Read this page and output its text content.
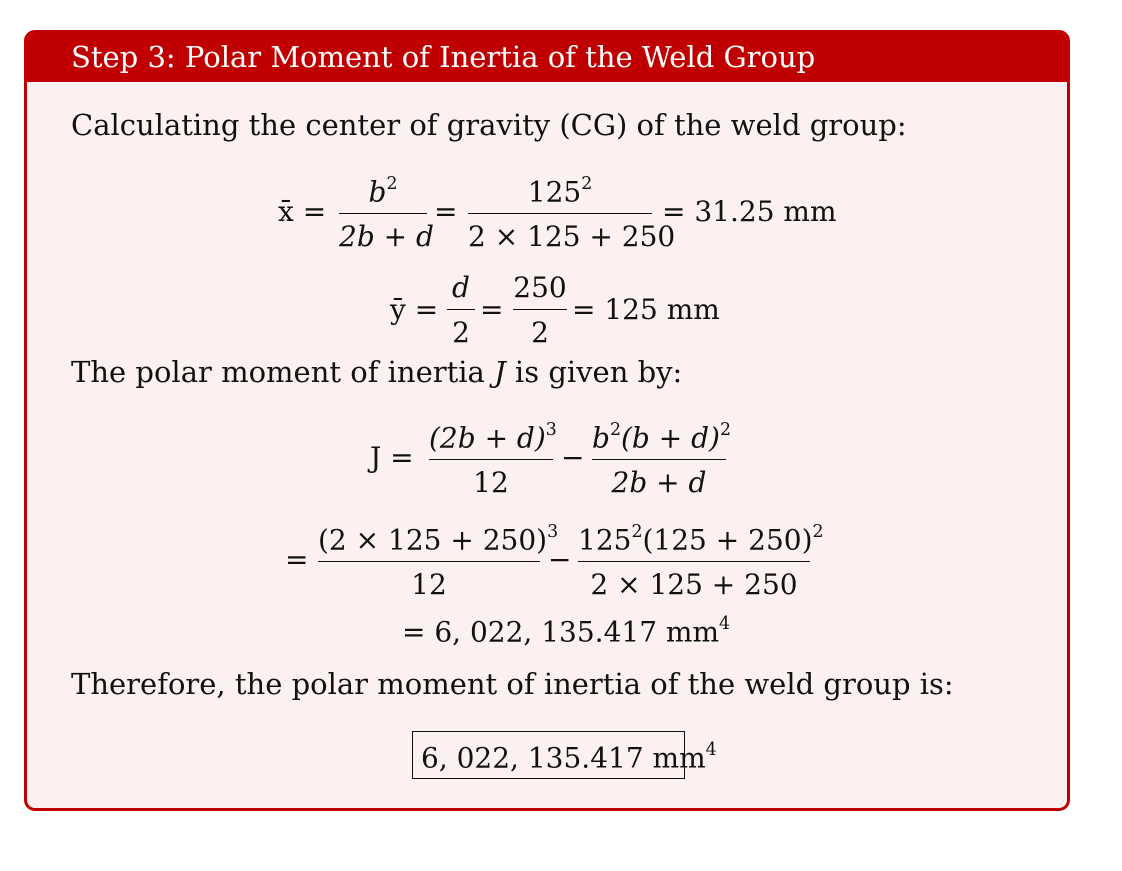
Step 3: Polar Moment of Inertia of the Weld Group
Calculating the center of gravity (CG) of the weld group:
x̄ =
$b^2$
2b + d
=
$125^2$
2 × 125 + 250
= 31.25 mm
ȳ =
d
2
=
250
2
= 125 mm
The polar moment of inertia J is given by:
J =
$(2b + d)^3$
12
−
$b^2(b + d)^2$
2b + d
=
$(2 \times 125 + 250)^3$
12
−
$125^2(125 + 250)^2$
2 × 125 + 250
= 6, 022, 135.417 $mm^4$
Therefore, the polar moment of inertia of the weld group is:
6, 022, 135.417 $mm^4$
